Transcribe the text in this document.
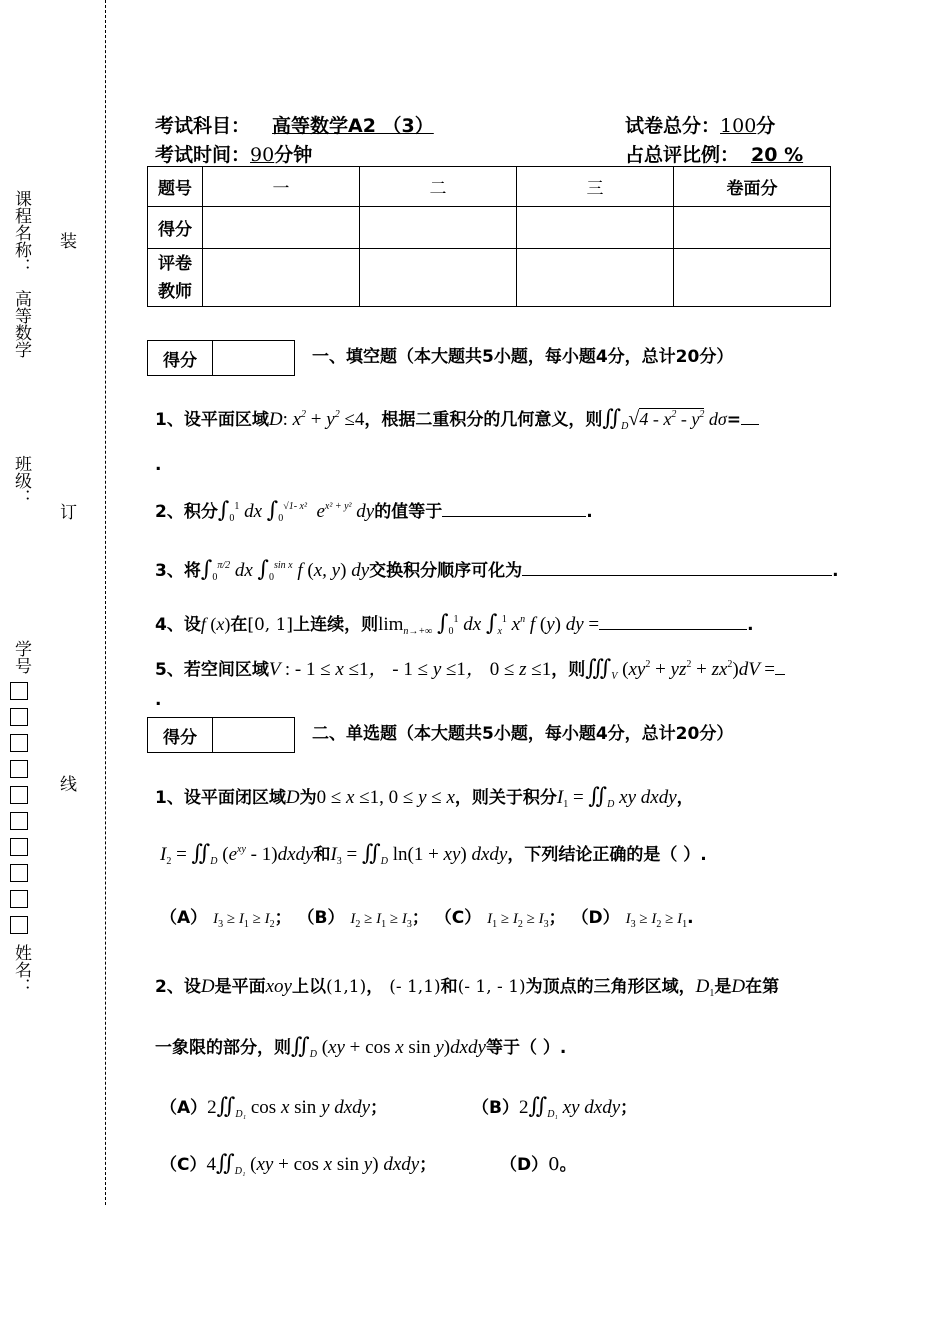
课程名称：
高等数学
班级：
学号
姓名：
装
订
线
考试科目： 高等数学A2 （3）	试卷总分：100分
考试时间：90分钟	占总评比例： 20 %
题号	一	二	三	卷面分
得分				

评卷教师				

得分	一、填空题（本大题共5小题，每小题4分，总计20分）
1、设平面区域D: $x^2 + y^2 \le 4$，根据二重积分的几何意义，则$∬_D√4 - x^2 - y^2$ dσ=
.
2、积分$\int_0^1$ dx $\int_0^{√1- x^2}$  $e^{x^2 + y^2}$ dy的值等于	.
3、将$\int_0^{\pi/2}$ dx $\int_0^{sin x}$ f (x, y) dy交换积分顺序可化为	.
4、设f (x)在[0, 1]上连续，则$\lim_{n\to+\infty} \int_0^1$ dx $\int_x^1$ $x^n$ f (y) dy =	.
5、若空间区域V : - 1 ≤ x ≤1， - 1 ≤ y ≤1， 0 ≤ z ≤1，则$∭_V$ $(xy^2 + yz^2 + zx^2)dV$ =
.
得分	二、单选题（本大题共5小题，每小题4分，总计20分）
1、设平面闭区域D为0 ≤ x ≤1, 0 ≤ y ≤ x，则关于积分$I_1$ = $∬_D$ xy dxdy，
$I_2$ = $∬_D$ ($e^{xy}$ - 1)dxdy和$I_3$ = $∬_D$ ln(1 + xy) dxdy，下列结论正确的是（ ）.
（A） $I_3 \ge I_1 \ge I_2$； （B） $I_2 \ge I_1 \ge I_3$； （C） $I_1 \ge I_2 \ge I_3$； （D） $I_3 \ge I_2 \ge I_1$.
2、设D是平面xoy上以(1,1)， (- 1,1)和(- 1, - 1)为顶点的三角形区域，$D_1$是D在第
一象限的部分，则$∬_D$ (xy + cos x sin y)dxdy等于（ ）.
$(A)2∬_{D_1}$ cos x sin y dxdy；	$(B)2∬_{D_1}$ xy dxdy；
$(C)4∬_{D_1}$ (xy + cos x sin y) dxdy；	（D）0。
